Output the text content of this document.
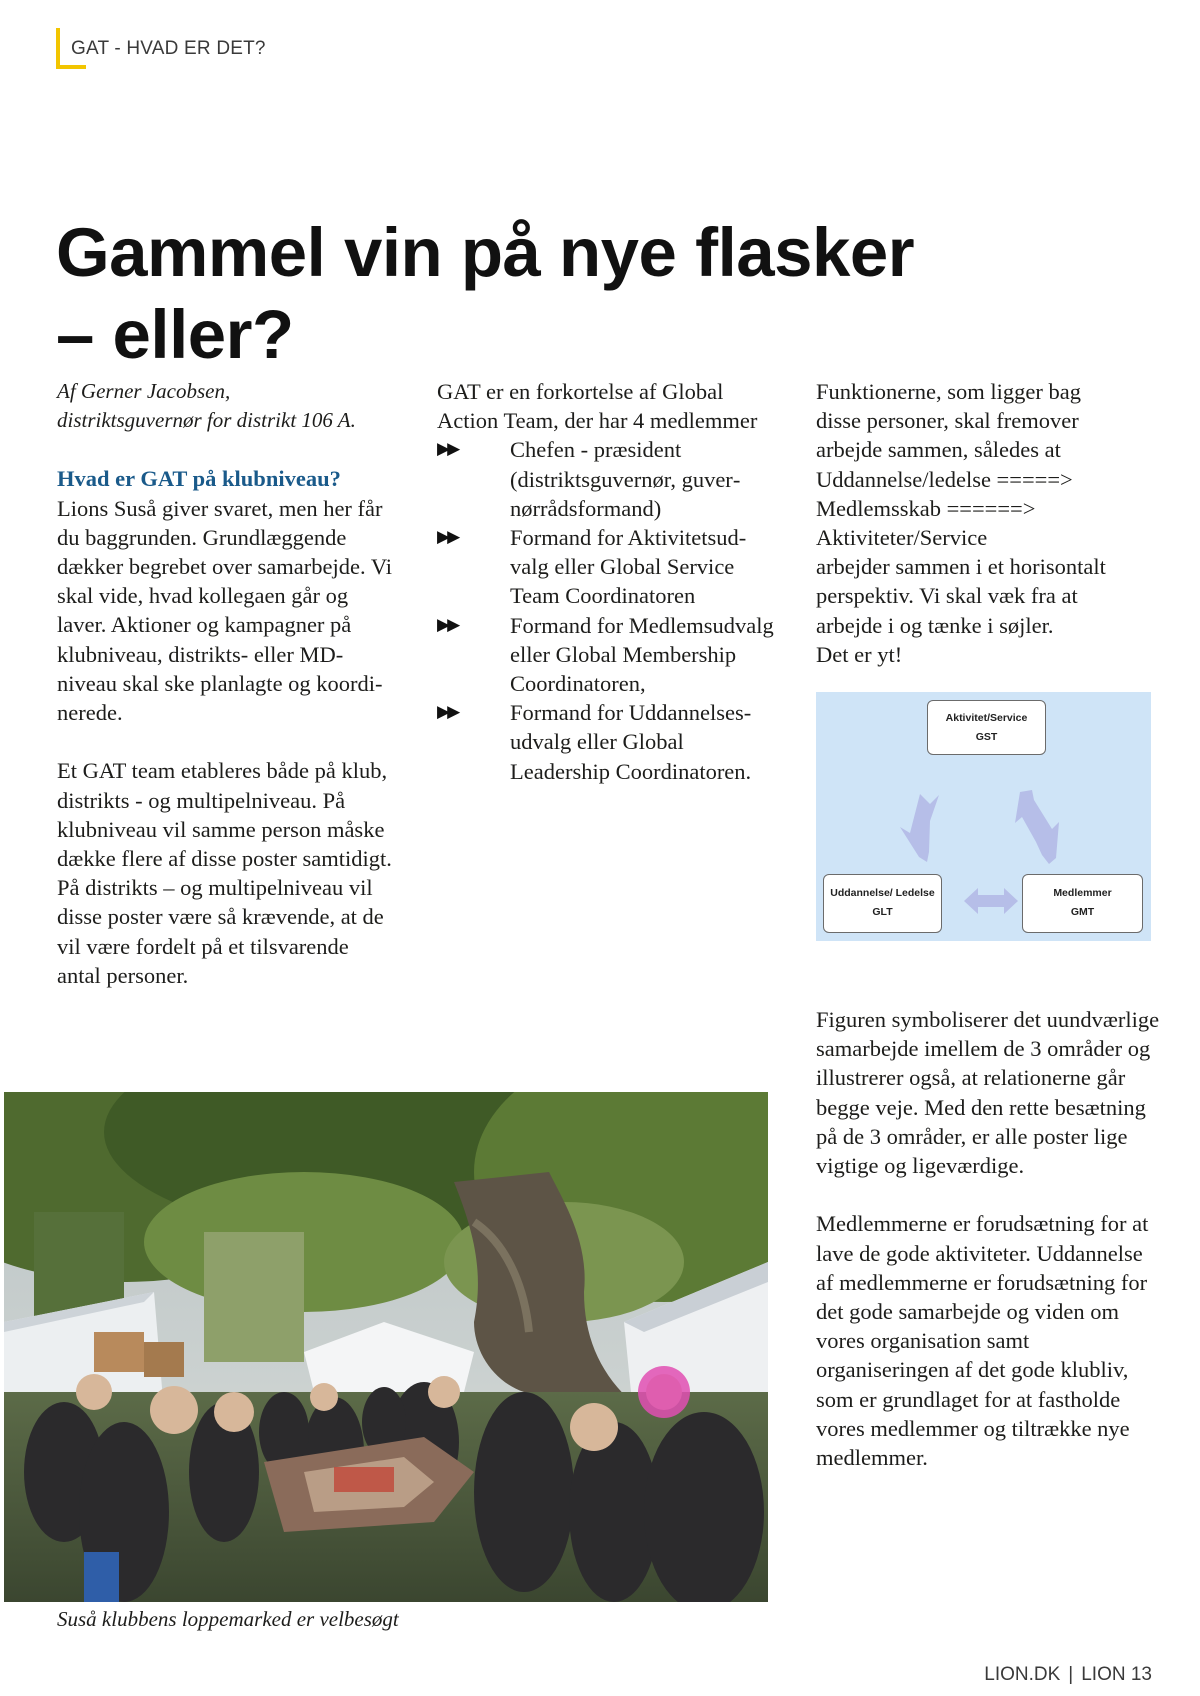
GAT - HVAD ER DET?
Gammel vin på nye flasker
– eller?

Af Gerner Jacobsen,

distriktsguvernør for distrikt 106 A.

Hvad er GAT på klubniveau?

Lions Suså giver svaret, men her får du baggrunden. Grundlæggende dækker begrebet over samarbejde. Vi skal vide, hvad kollegaen går og laver. Aktioner og kampagner på klubniveau, distrikts- eller MD-niveau skal ske planlagte og koordinerede.

Et GAT team etableres både på klub, distrikts - og multipelniveau. På klubniveau vil samme person måske dække flere af disse poster samtidigt. På distrikts – og multipelniveau vil disse poster være så krævende, at de vil være fordelt på et tilsvarende antal personer.

GAT er en forkortelse af Global Action Team, der har 4 medlemmer

▶▶ Chefen - præsident (distriktsguvernør, guvernørrådsformand)
▶▶ Formand for Aktivitetsudvalg eller Global Service Team Coordinatoren
▶▶ Formand for Medlemsudvalg eller Global Membership Coordinatoren,
▶▶ Formand for Uddannelsesudvalg eller Global Leadership Coordinatoren.
Funktionerne, som ligger bag
disse personer, skal fremover
arbejde sammen, således at
Uddannelse/ledelse =====>
Medlemsskab ======>
Aktiviteter/Service
arbejder sammen i et horisontalt
perspektiv. Vi skal væk fra at
arbejde i og tænke i søjler.
Det er yt!

Figuren symboliserer det uundværlige samarbejde imellem de 3 områder og illustrerer også, at relationerne går begge veje. Med den rette besætning på de 3 områder, er alle poster lige vigtige og ligeværdige.

Medlemmerne er forudsætning for at lave de gode aktiviteter. Uddannelse af medlemmerne er forudsætning for det gode samarbejde og viden om vores organisation samt organiseringen af det gode klubliv, som er grundlaget for at fastholde vores medlemmer og tiltrække nye medlemmer.

Aktivitet/Service
GST
Uddannelse/ Ledelse
GLT
Medlemmer
GMT
Suså klubbens loppemarked er velbesøgt
LION.DK | LION 13
